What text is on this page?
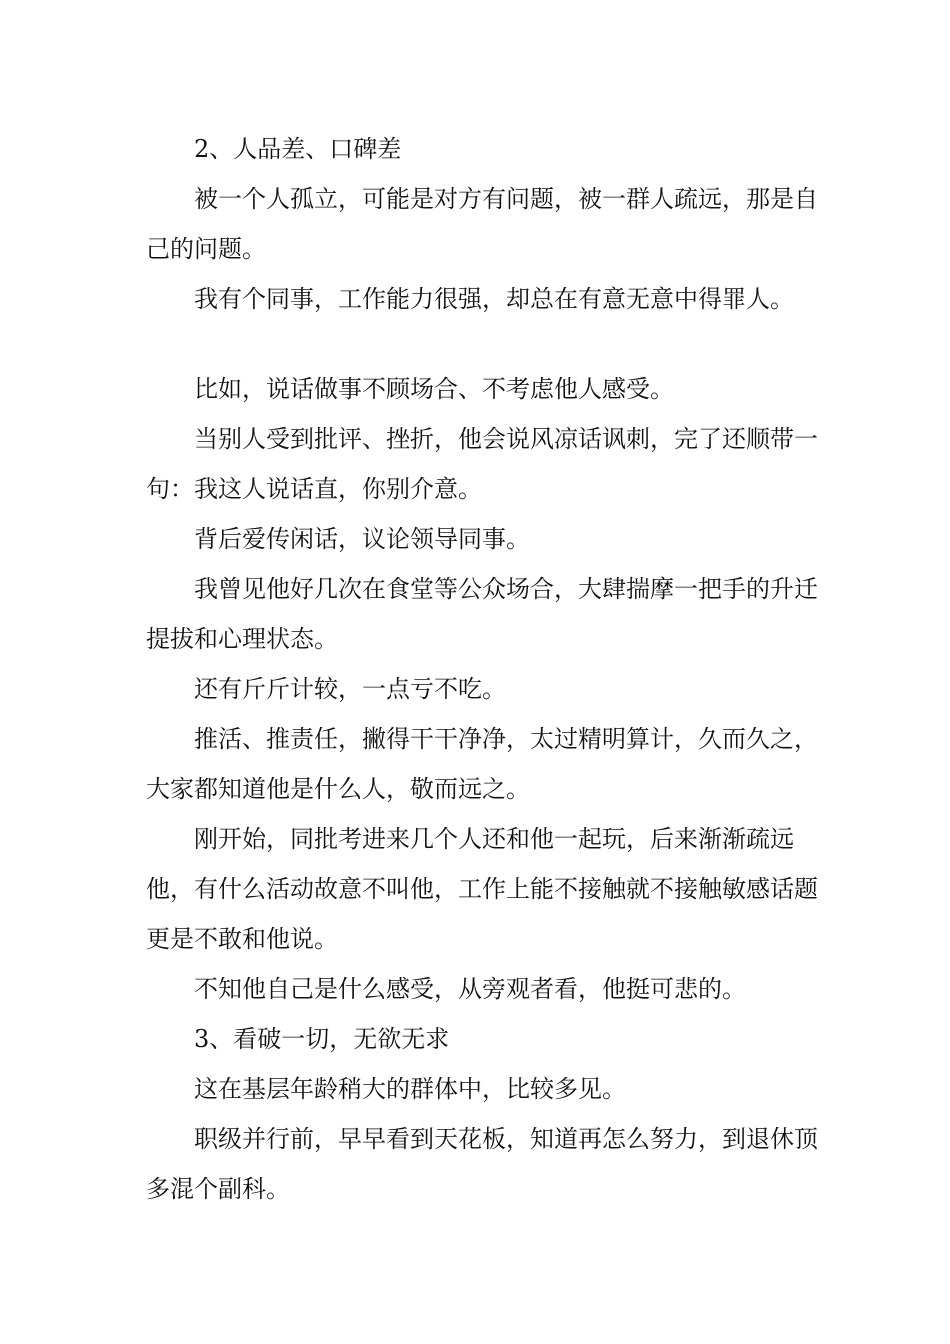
2、人品差、口碑差

被一个人孤立，可能是对方有问题，被一群人疏远，那是自己的问题。

我有个同事，工作能力很强，却总在有意无意中得罪人。

比如，说话做事不顾场合、不考虑他人感受。

当别人受到批评、挫折，他会说风凉话讽刺，完了还顺带一句：我这人说话直，你别介意。

背后爱传闲话，议论领导同事。

我曾见他好几次在食堂等公众场合，大肆揣摩一把手的升迁提拔和心理状态。

还有斤斤计较，一点亏不吃。

推活、推责任，撇得干干净净，太过精明算计，久而久之，大家都知道他是什么人，敬而远之。

刚开始，同批考进来几个人还和他一起玩，后来渐渐疏远他，有什么活动故意不叫他，工作上能不接触就不接触敏感话题更是不敢和他说。

不知他自己是什么感受，从旁观者看，他挺可悲的。

3、看破一切，无欲无求

这在基层年龄稍大的群体中，比较多见。

职级并行前，早早看到天花板，知道再怎么努力，到退休顶多混个副科。
